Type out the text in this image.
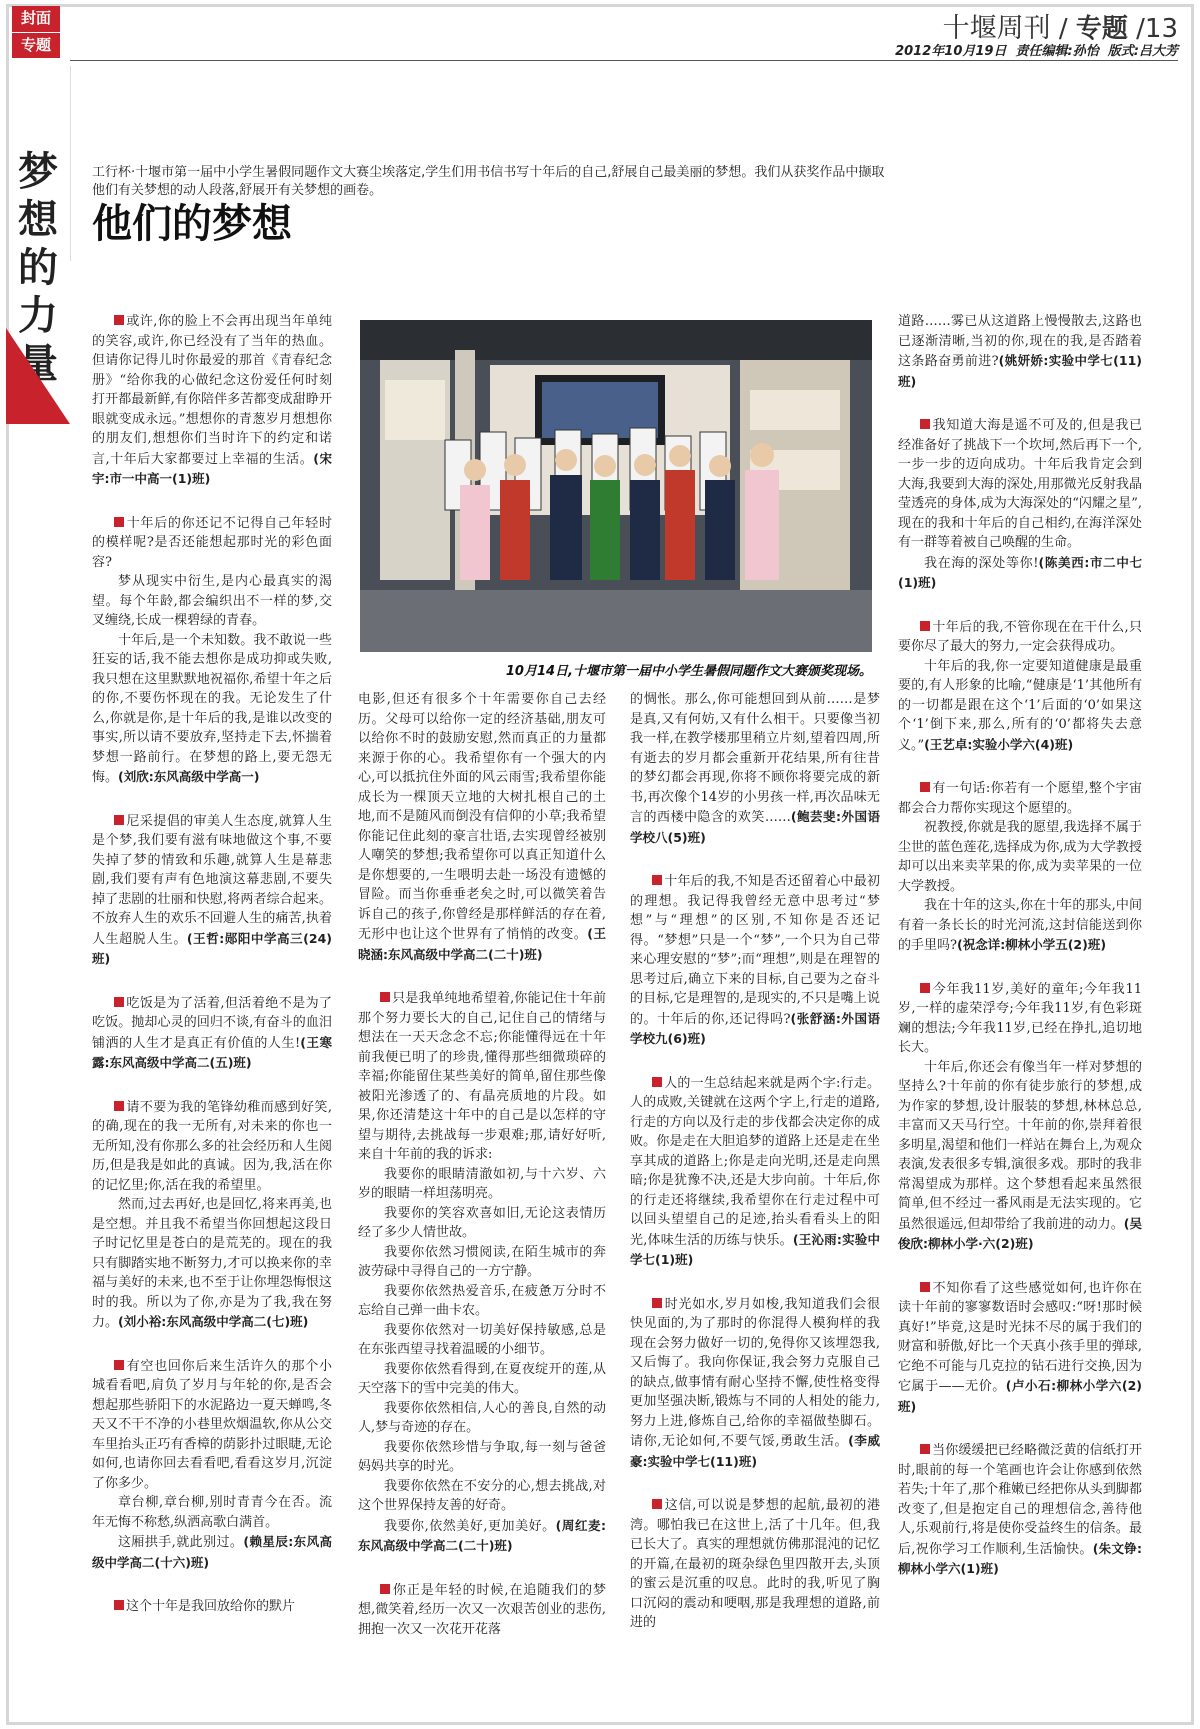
封面
专题
十堰周刊 / 专题 /13
2012年10月19日 责任编辑:孙怡 版式:吕大芳
梦
想
的
力
量
工行杯·十堰市第一届中小学生暑假同题作文大赛尘埃落定,学生们用书信书写十年后的自己,舒展自己最美丽的梦想。我们从获奖作品中撷取他们有关梦想的动人段落,舒展开有关梦想的画卷。
他们的梦想
10月14日,十堰市第一届中小学生暑假同题作文大赛颁奖现场。

或许,你的脸上不会再出现当年单纯的笑容,或许,你已经没有了当年的热血。但请你记得儿时你最爱的那首《青春纪念册》“给你我的心做纪念这份爱任何时刻打开都最新鲜,有你陪伴多苦都变成甜睁开眼就变成永远。”想想你的青葱岁月想想你的朋友们,想想你们当时许下的约定和诺言,十年后大家都要过上幸福的生活。(宋宇:市一中高一(1)班)

十年后的你还记不记得自己年轻时的模样呢?是否还能想起那时光的彩色面容?

梦从现实中衍生,是内心最真实的渴望。每个年龄,都会编织出不一样的梦,交叉缠绕,长成一棵碧绿的青春。

十年后,是一个未知数。我不敢说一些狂妄的话,我不能去想你是成功抑或失败,我只想在这里默默地祝福你,希望十年之后的你,不要伤怀现在的我。无论发生了什么,你就是你,是十年后的我,是谁以改变的事实,所以请不要放弃,坚持走下去,怀揣着梦想一路前行。在梦想的路上,要无怨无悔。(刘欣:东风高级中学高一)

尼采提倡的审美人生态度,就算人生是个梦,我们要有滋有味地做这个事,不要失掉了梦的情致和乐趣,就算人生是幕悲剧,我们要有声有色地演这幕悲剧,不要失掉了悲剧的壮丽和快慰,将两者综合起来。不放弃人生的欢乐不回避人生的痛苦,执着人生超脱人生。(王哲:郧阳中学高三(24)班)

吃饭是为了活着,但活着绝不是为了吃饭。抛却心灵的回归不谈,有奋斗的血汨铺洒的人生才是真正有价值的人生!(王寒露:东风高级中学高二(五)班)

请不要为我的笔锋幼稚而感到好笑,的确,现在的我一无所有,对未来的你也一无所知,没有你那么多的社会经历和人生阅历,但是我是如此的真诚。因为,我,活在你的记忆里;你,活在我的希望里。

然而,过去再好,也是回忆,将来再美,也是空想。并且我不希望当你回想起这段日子时记忆里是苍白的是荒芜的。现在的我只有脚踏实地不断努力,才可以换来你的幸福与美好的未来,也不至于让你埋怨悔恨这时的我。所以为了你,亦是为了我,我在努力。(刘小裕:东风高级中学高二(七)班)

有空也回你后来生活许久的那个小城看看吧,肩负了岁月与年轮的你,是否会想起那些骄阳下的水泥路边一夏天蝉鸣,冬天又不干不净的小巷里炊烟温软,你从公交车里抬头正巧有香樟的荫影扑过眼睫,无论如何,也请你回去看看吧,看看这岁月,沉淀了你多少。

章台柳,章台柳,别时青青今在否。流年无悔不称愁,纵洒高歌白满首。

这厢拱手,就此别过。(赖星辰:东风高级中学高二(十六)班)

这个十年是我回放给你的默片

电影,但还有很多个十年需要你自己去经历。父母可以给你一定的经济基础,朋友可以给你不时的鼓励安慰,然而真正的力量都来源于你的心。我希望你有一个强大的内心,可以抵抗住外面的风云雨雪;我希望你能成长为一棵顶天立地的大树扎根自己的土地,而不是随风而倒没有信仰的小草;我希望你能记住此刻的豪言壮语,去实现曾经被别人嘲笑的梦想;我希望你可以真正知道什么是你想要的,一生喂明去赴一场没有遗憾的冒险。而当你垂垂老矣之时,可以微笑着告诉自己的孩子,你曾经是那样鲜活的存在着,无形中也让这个世界有了悄悄的改变。(王晓涵:东风高级中学高二(二十)班)

只是我单纯地希望着,你能记住十年前那个努力要长大的自己,记住自己的情绪与想法在一天天念念不忘;你能懂得远在十年前我便已明了的珍贵,懂得那些细微琐碎的幸福;你能留住某些美好的简单,留住那些像被阳光渗透了的、有晶亮质地的片段。如果,你还清楚这十年中的自己是以怎样的守望与期待,去挑战每一步艰难;那,请好好听,来自十年前的我的诉求:

我要你的眼睛清澈如初,与十六岁、六岁的眼睛一样坦荡明亮。

我要你的笑容欢喜如旧,无论这表情历经了多少人情世故。

我要你依然习惯阅读,在陌生城市的奔波劳碌中寻得自己的一方宁静。

我要你依然热爱音乐,在疲惫万分时不忘给自己弹一曲卡农。

我要你依然对一切美好保持敏感,总是在东张西望寻找着温暖的小细节。

我要你依然看得到,在夏夜绽开的莲,从天空落下的雪中完美的伟大。

我要你依然相信,人心的善良,自然的动人,梦与奇迹的存在。

我要你依然珍惜与争取,每一刻与爸爸妈妈共享的时光。

我要你依然在不安分的心,想去挑战,对这个世界保持友善的好奇。

我要你,依然美好,更加美好。(周红麦:东风高级中学高二(二十)班)

你正是年轻的时候,在追随我们的梦想,微笑着,经历一次又一次艰苦创业的悲伤,拥抱一次又一次花开花落

的惆怅。那么,你可能想回到从前……是梦是真,又有何妨,又有什么相干。只要像当初我一样,在教学楼那里稍立片刻,望着四周,所有逝去的岁月都会重新开花结果,所有往昔的梦幻都会再现,你将不顾你将要完成的新书,再次像个14岁的小男孩一样,再次品味无言的西楼中隐含的欢笑……(鲍芸斐:外国语学校八(5)班)

十年后的我,不知是否还留着心中最初的理想。我记得我曾经无意中思考过“梦想”与“理想”的区别,不知你是否还记得。“梦想”只是一个“梦”,一个只为自己带来心理安慰的“梦”;而“理想”,则是在理智的思考过后,确立下来的目标,自己要为之奋斗的目标,它是理智的,是现实的,不只是嘴上说的。十年后的你,还记得吗?(张舒涵:外国语学校九(6)班)

人的一生总结起来就是两个字:行走。人的成败,关键就在这两个字上,行走的道路,行走的方向以及行走的步伐都会决定你的成败。你是走在大胆追梦的道路上还是走在坐享其成的道路上;你是走向光明,还是走向黑暗;你是犹豫不决,还是大步向前。十年后,你的行走还将继续,我希望你在行走过程中可以回头望望自己的足迹,抬头看看头上的阳光,体味生活的历练与快乐。(王沁雨:实验中学七(1)班)

时光如水,岁月如梭,我知道我们会很快见面的,为了那时的你混得人模狗样的我现在会努力做好一切的,免得你又该埋怨我,又后悔了。我向你保证,我会努力克服自己的缺点,做事情有耐心坚持不懈,使性格变得更加坚强决断,锻炼与不同的人相处的能力,努力上进,修炼自己,给你的幸福做垫脚石。请你,无论如何,不要气馁,勇敢生活。(李威豪:实验中学七(11)班)

这信,可以说是梦想的起航,最初的港湾。哪怕我已在这世上,活了十几年。但,我已长大了。真实的理想就仿佛那混沌的记忆的开篇,在最初的斑杂绿色里四散开去,头顶的蜜云是沉重的叹息。此时的我,听见了胸口沉闷的震动和哽咽,那是我理想的道路,前进的

道路……雾已从这道路上慢慢散去,这路也已逐渐清晰,当初的你,现在的我,是否踏着这条路奋勇前进?(姚妍娇:实验中学七(11)班)

我知道大海是遥不可及的,但是我已经准备好了挑战下一个坎坷,然后再下一个,一步一步的迈向成功。十年后我肯定会到大海,我要到大海的深处,用那微光反射我晶莹透亮的身体,成为大海深处的“闪耀之星”,现在的我和十年后的自己相约,在海洋深处有一群等着被自己唤醒的生命。

我在海的深处等你!(陈美西:市二中七(1)班)

十年后的我,不管你现在在干什么,只要你尽了最大的努力,一定会获得成功。

十年后的我,你一定要知道健康是最重要的,有人形象的比喻,“健康是‘1’其他所有的一切都是跟在这个‘1’后面的‘0’如果这个‘1’倒下来,那么,所有的‘0’都将失去意义。”(王艺卓:实验小学六(4)班)

有一句话:你若有一个愿望,整个宇宙都会合力帮你实现这个愿望的。

祝教授,你就是我的愿望,我选择不属于尘世的蓝色莲花,选择成为你,成为大学教授却可以出来卖苹果的你,成为卖苹果的一位大学教授。

我在十年的这头,你在十年的那头,中间有着一条长长的时光河流,这封信能送到你的手里吗?(祝念详:柳林小学五(2)班)

今年我11岁,美好的童年;今年我11岁,一样的虚荣浮夸;今年我11岁,有色彩斑斓的想法;今年我11岁,已经在挣扎,追切地长大。

十年后,你还会有像当年一样对梦想的坚持么?十年前的你有徒步旅行的梦想,成为作家的梦想,设计服装的梦想,林林总总,丰富而又天马行空。十年前的你,崇拜着很多明星,渴望和他们一样站在舞台上,为观众表演,发表很多专辑,演很多戏。那时的我非常渴望成为那样。这个梦想看起来虽然很简单,但不经过一番风雨是无法实现的。它虽然很遥远,但却带给了我前进的动力。(吴俊欣:柳林小学·六(2)班)

不知你看了这些感觉如何,也许你在读十年前的寥寥数语时会感叹:“呀!那时候真好!”毕竟,这是时光抹不尽的属于我们的财富和骄傲,好比一个天真小孩手里的弹球,它绝不可能与几克拉的钻石进行交换,因为它属于——无价。(卢小石:柳林小学六(2)班)

当你缓缓把已经略微泛黄的信纸打开时,眼前的每一个笔画也许会让你感到依然若失;十年了,那个稚嫩已经把你从头到脚都改变了,但是抱定自己的理想信念,善待他人,乐观前行,将是使你受益终生的信条。最后,祝你学习工作顺利,生活愉快。(朱文铮:柳林小学六(1)班)
